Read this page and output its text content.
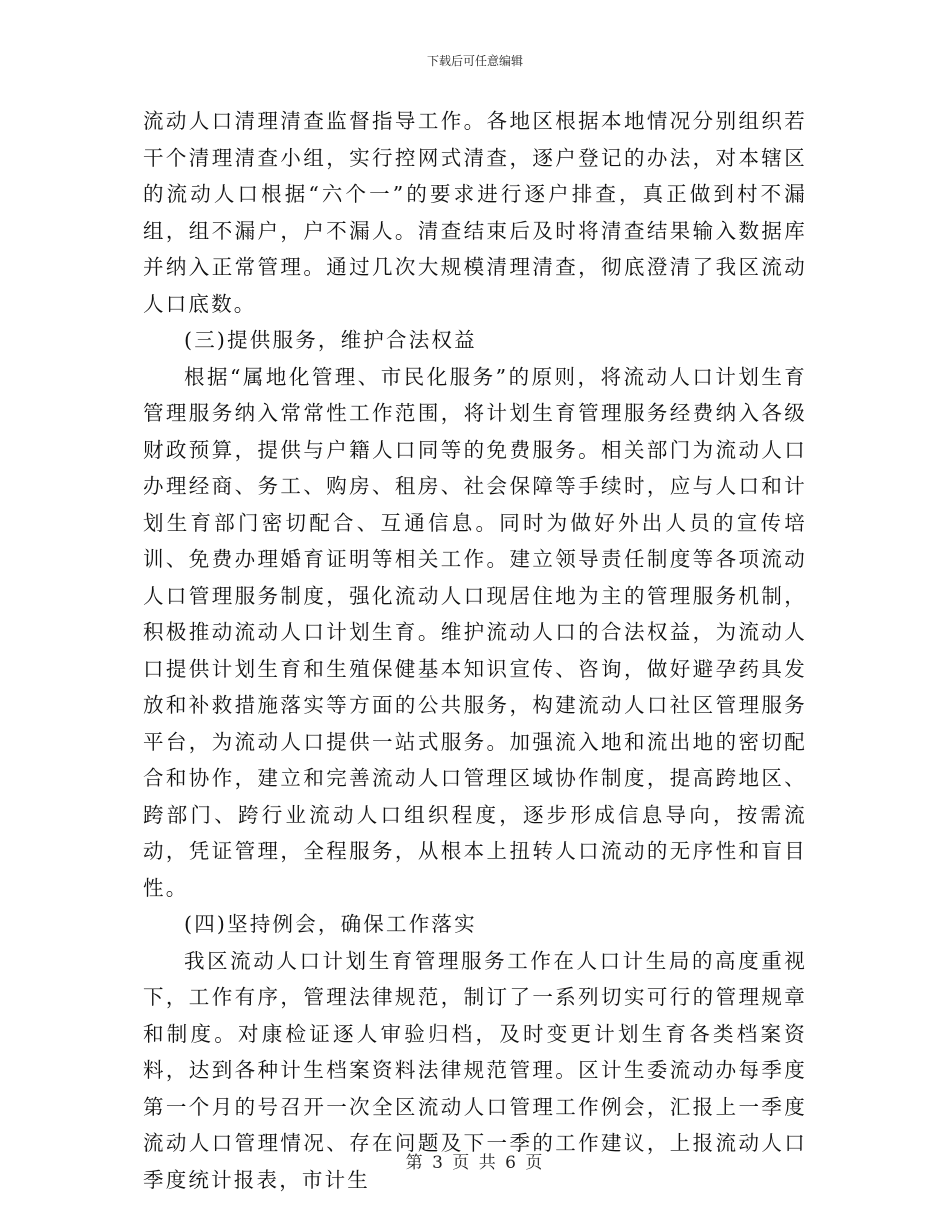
下载后可任意编辑

流动人口清理清查监督指导工作。各地区根据本地情况分别组织若干个清理清查小组，实行控网式清查，逐户登记的办法，对本辖区的流动人口根据“六个一”的要求进行逐户排查，真正做到村不漏组，组不漏户，户不漏人。清查结束后及时将清查结果输入数据库并纳入正常管理。通过几次大规模清理清查，彻底澄清了我区流动人口底数。

(三)提供服务，维护合法权益

根据“属地化管理、市民化服务”的原则，将流动人口计划生育管理服务纳入常常性工作范围，将计划生育管理服务经费纳入各级财政预算，提供与户籍人口同等的免费服务。相关部门为流动人口办理经商、务工、购房、租房、社会保障等手续时，应与人口和计划生育部门密切配合、互通信息。同时为做好外出人员的宣传培训、免费办理婚育证明等相关工作。建立领导责任制度等各项流动人口管理服务制度，强化流动人口现居住地为主的管理服务机制，积极推动流动人口计划生育。维护流动人口的合法权益，为流动人口提供计划生育和生殖保健基本知识宣传、咨询，做好避孕药具发放和补救措施落实等方面的公共服务，构建流动人口社区管理服务平台，为流动人口提供一站式服务。加强流入地和流出地的密切配合和协作，建立和完善流动人口管理区域协作制度，提高跨地区、跨部门、跨行业流动人口组织程度，逐步形成信息导向，按需流动，凭证管理，全程服务，从根本上扭转人口流动的无序性和盲目性。

(四)坚持例会，确保工作落实

我区流动人口计划生育管理服务工作在人口计生局的高度重视下，工作有序，管理法律规范，制订了一系列切实可行的管理规章和制度。对康检证逐人审验归档，及时变更计划生育各类档案资料，达到各种计生档案资料法律规范管理。区计生委流动办每季度第一个月的号召开一次全区流动人口管理工作例会，汇报上一季度流动人口管理情况、存在问题及下一季的工作建议，上报流动人口季度统计报表，市计生

第 3 页 共 6 页
